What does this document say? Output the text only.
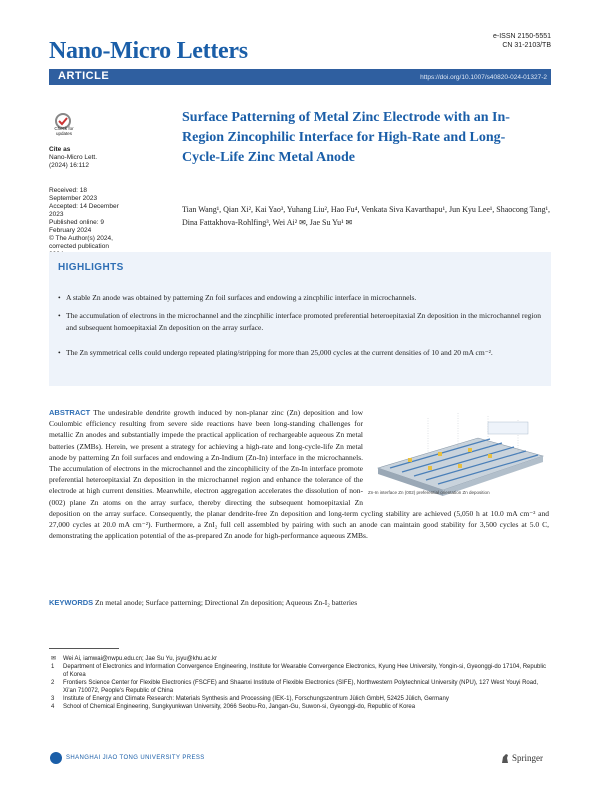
Nano-Micro Letters
e-ISSN 2150-5551
CN 31-2103/TB
ARTICLE	https://doi.org/10.1007/s40820-024-01327-2
Check for updates
Cite as
Nano-Micro Lett.
(2024) 16:112
Received: 18 September 2023
Accepted: 14 December 2023
Published online: 9 February 2024
© The Author(s) 2024, corrected publication
Surface Patterning of Metal Zinc Electrode with an In-Region Zincophilic Interface for High-Rate and Long-Cycle-Life Zinc Metal Anode
Tian Wang¹, Qian Xi², Kai Yao³, Yuhang Liu², Hao Fu⁴, Venkata Siva Kavarthapu¹, Jun Kyu Lee¹, Shaocong Tang¹, Dina Fattakhova-Rohlfing³, Wei Ai² ✉, Jae Su Yu¹ ✉
HIGHLIGHTS
• A stable Zn anode was obtained by patterning Zn foil surfaces and endowing a zincphilic interface in microchannels.
• The accumulation of electrons in the microchannel and the zincphilic interface promoted preferential heteroepitaxial Zn deposition in the microchannel region and subsequent homoepitaxial Zn deposition on the array surface.
• The Zn symmetrical cells could undergo repeated plating/stripping for more than 25,000 cycles at the current densities of 10 and 20 mA cm⁻².
Zn-In interface Zn (002) preferential orientation Zn deposition
ABSTRACT The undesirable dendrite growth induced by non-planar zinc (Zn) deposition and low Coulombic efficiency resulting from severe side reactions have been long-standing challenges for metallic Zn anodes and substantially impede the practical application of rechargeable aqueous Zn metal batteries (ZMBs). Herein, we present a strategy for achieving a high-rate and long-cycle-life Zn metal anode by patterning Zn foil surfaces and endowing a Zn-Indium (Zn-In) interface in the microchannels. The accumulation of electrons in the microchannel and the zincophilicity of the Zn-In interface promote preferential heteroepitaxial Zn deposition in the microchannel region and enhance the tolerance of the electrode at high current densities. Meanwhile, electron aggregation accelerates the dissolution of non-(002) plane Zn atoms on the array surface, thereby directing the subsequent homoepitaxial Zn deposition on the array surface. Consequently, the planar dendrite-free Zn deposition and long-term cycling stability are achieved (5,050 h at 10.0 mA cm⁻² and 27,000 cycles at 20.0 mA cm⁻²). Furthermore, a ZnI₂ full cell assembled by pairing with such an anode can maintain good stability for 3,500 cycles at 5.0 C, demonstrating the application potential of the as-prepared Zn anode for high-performance aqueous ZMBs.
KEYWORDS Zn metal anode; Surface patterning; Directional Zn deposition; Aqueous Zn-I₂ batteries
✉ Wei Ai, iamwai@nwpu.edu.cn; Jae Su Yu, jsyu@khu.ac.kr
1 Department of Electronics and Information Convergence Engineering, Institute for Wearable Convergence Electronics, Kyung Hee University, Yongin-si, Gyeonggi-do 17104, Republic of Korea
2 Frontiers Science Center for Flexible Electronics (FSCFE) and Shaanxi Institute of Flexible Electronics (SIFE), Northwestern Polytechnical University (NPU), 127 West Youyi Road, Xi'an 710072, People's Republic of China
3 Institute of Energy and Climate Research: Materials Synthesis and Processing (IEK-1), Forschungszentrum Jülich GmbH, 52425 Jülich, Germany
4 School of Chemical Engineering, Sungkyunkwan University, 2066 Seobu-Ro, Jangan-Gu, Suwon-si, Gyeonggi-do, Republic of Korea
SHANGHAI JIAO TONG UNIVERSITY PRESS	Springer
